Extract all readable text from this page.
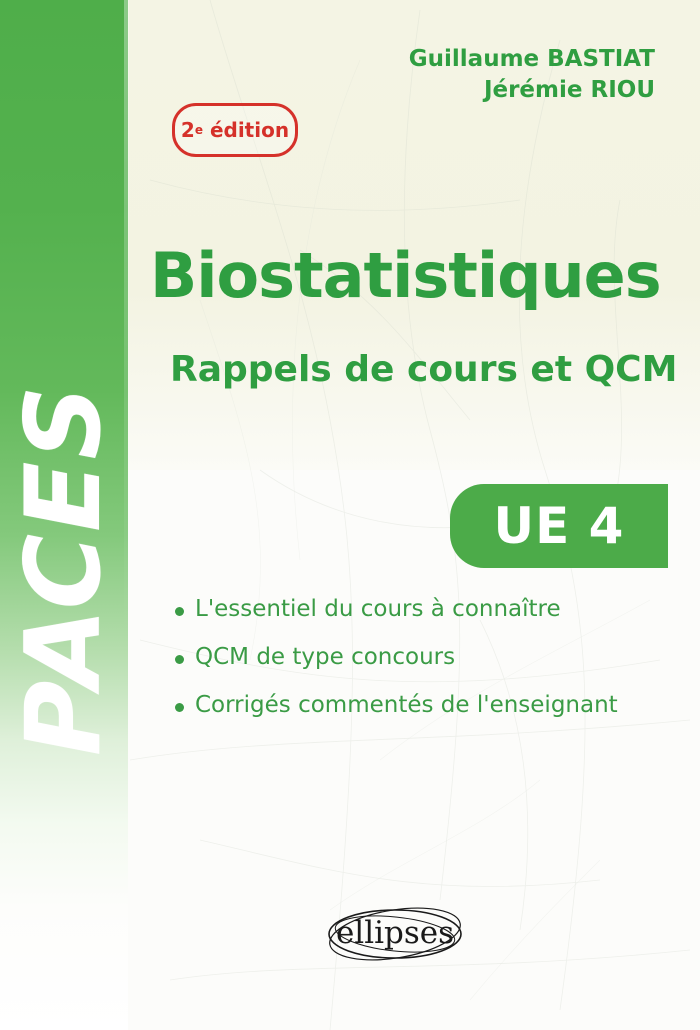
PACES
Guillaume BASTIAT
Jérémie RIOU
2 e
édition
Biostatistiques
Rappels de cours et QCM
UE 4
L'essentiel du cours à connaître
QCM de type concours
Corrigés commentés de l'enseignant
ellipses
